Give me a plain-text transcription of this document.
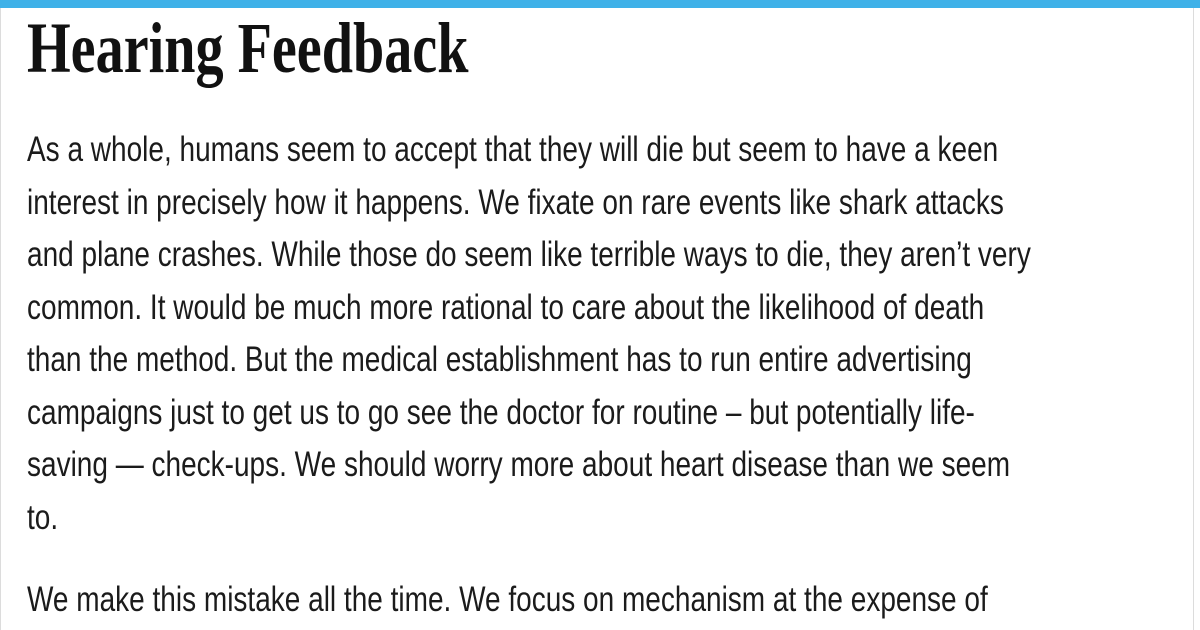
Hearing Feedback

As a whole, humans seem to accept that they will die but seem to have a keen
interest in precisely how it happens. We fixate on rare events like shark attacks
and plane crashes. While those do seem like terrible ways to die, they aren’t very
common. It would be much more rational to care about the likelihood of death
than the method. But the medical establishment has to run entire advertising
campaigns just to get us to go see the doctor for routine – but potentially life-
saving — check-ups. We should worry more about heart disease than we seem
to.

We make this mistake all the time. We focus on mechanism at the expense of
